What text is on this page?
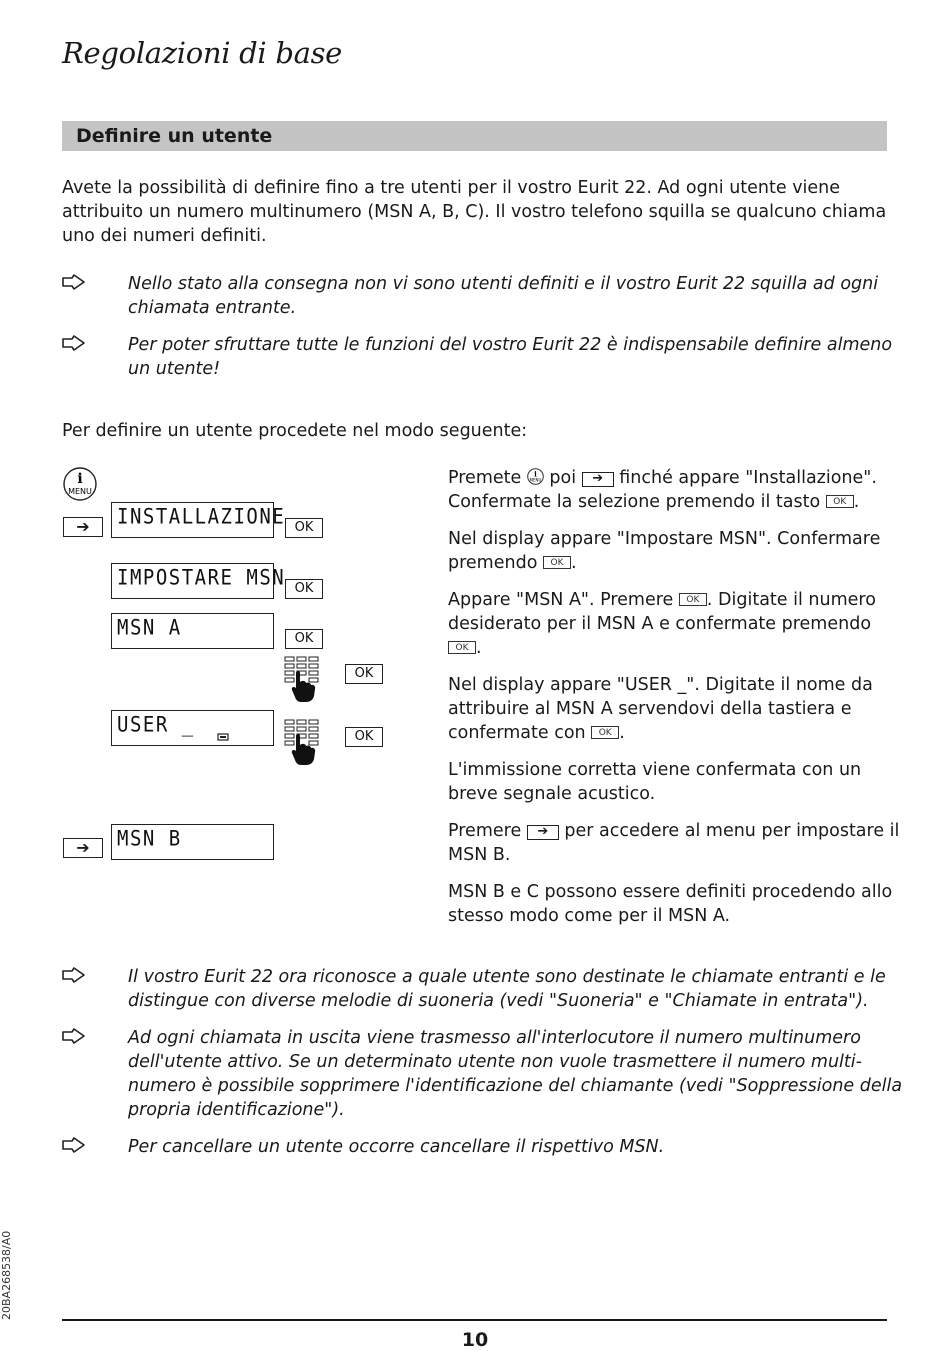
Regolazioni di base
Definire un utente

Avete la possibilità di definire fino a tre utenti per il vostro Eurit 22. Ad ogni utente viene

attribuito un numero multinumero (MSN A, B, C). Il vostro telefono squilla se qualcuno chiama

uno dei numeri definiti.

Nello stato alla consegna non vi sono utenti definiti e il vostro Eurit 22 squilla ad ogni

chiamata entrante.

Per poter sfruttare tutte le funzioni del vostro Eurit 22 è indispensabile definire almeno

un utente!

Per definire un utente procedete nel modo seguente:

i
MENU
➔	INSTALLAZIONE OK
IMPOSTARE MSN OK
MSN A	OK
OK
USER _	OK
➔	MSN B

Premete i
MENU poi ➔ finché appare "Installazione".

Confermate la selezione premendo il tasto OK .

Nel display appare "Impostare MSN". Confermare

premendo OK .

Appare "MSN A". Premere OK . Digitate il numero

desiderato per il MSN A e confermate premendo

OK .

Nel display appare "USER _". Digitate il nome da

attribuire al MSN A servendovi della tastiera e

confermate con OK .

L'immissione corretta viene confermata con un

breve segnale acustico.

Premere ➔ per accedere al menu per impostare il

MSN B.

MSN B e C possono essere definiti procedendo allo

stesso modo come per il MSN A.

Il vostro Eurit 22 ora riconosce a quale utente sono destinate le chiamate entranti e le

distingue con diverse melodie di suoneria (vedi "Suoneria" e "Chiamate in entrata").

Ad ogni chiamata in uscita viene trasmesso all'interlocutore il numero multinumero

dell'utente attivo. Se un determinato utente non vuole trasmettere il numero multi-

numero è possibile sopprimere l'identificazione del chiamante (vedi "Soppressione della

propria identificazione").

Per cancellare un utente occorre cancellare il rispettivo MSN.

20BA268538/A0
10
